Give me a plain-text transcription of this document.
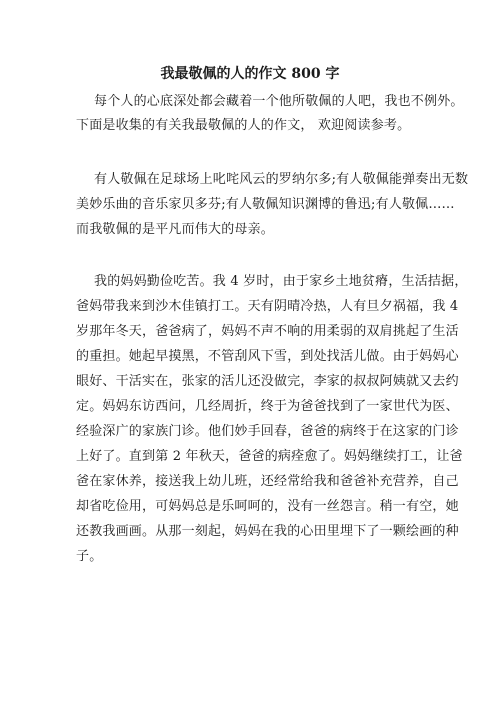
我最敬佩的人的作文 800 字
每个人的心底深处都会藏着一个他所敬佩的人吧，我也不例外。
下面是收集的有关我最敬佩的人的作文， 欢迎阅读参考。
有人敬佩在足球场上叱咤风云的罗纳尔多;有人敬佩能弹奏出无数
美妙乐曲的音乐家贝多芬;有人敬佩知识渊博的鲁迅;有人敬佩……
而我敬佩的是平凡而伟大的母亲。
我的妈妈勤俭吃苦。我 4 岁时，由于家乡土地贫瘠，生活拮据，
爸妈带我来到沙木佳镇打工。天有阴晴冷热，人有旦夕祸福，我 4
岁那年冬天，爸爸病了，妈妈不声不响的用柔弱的双肩挑起了生活
的重担。她起早摸黑，不管刮风下雪，到处找活儿做。由于妈妈心
眼好、干活实在，张家的活儿还没做完，李家的叔叔阿姨就又去约
定。妈妈东访西问，几经周折，终于为爸爸找到了一家世代为医、
经验深广的家族门诊。他们妙手回春，爸爸的病终于在这家的门诊
上好了。直到第 2 年秋天，爸爸的病痊愈了。妈妈继续打工，让爸
爸在家休养，接送我上幼儿班，还经常给我和爸爸补充营养，自己
却省吃俭用，可妈妈总是乐呵呵的，没有一丝怨言。稍一有空，她
还教我画画。从那一刻起，妈妈在我的心田里埋下了一颗绘画的种
子。
